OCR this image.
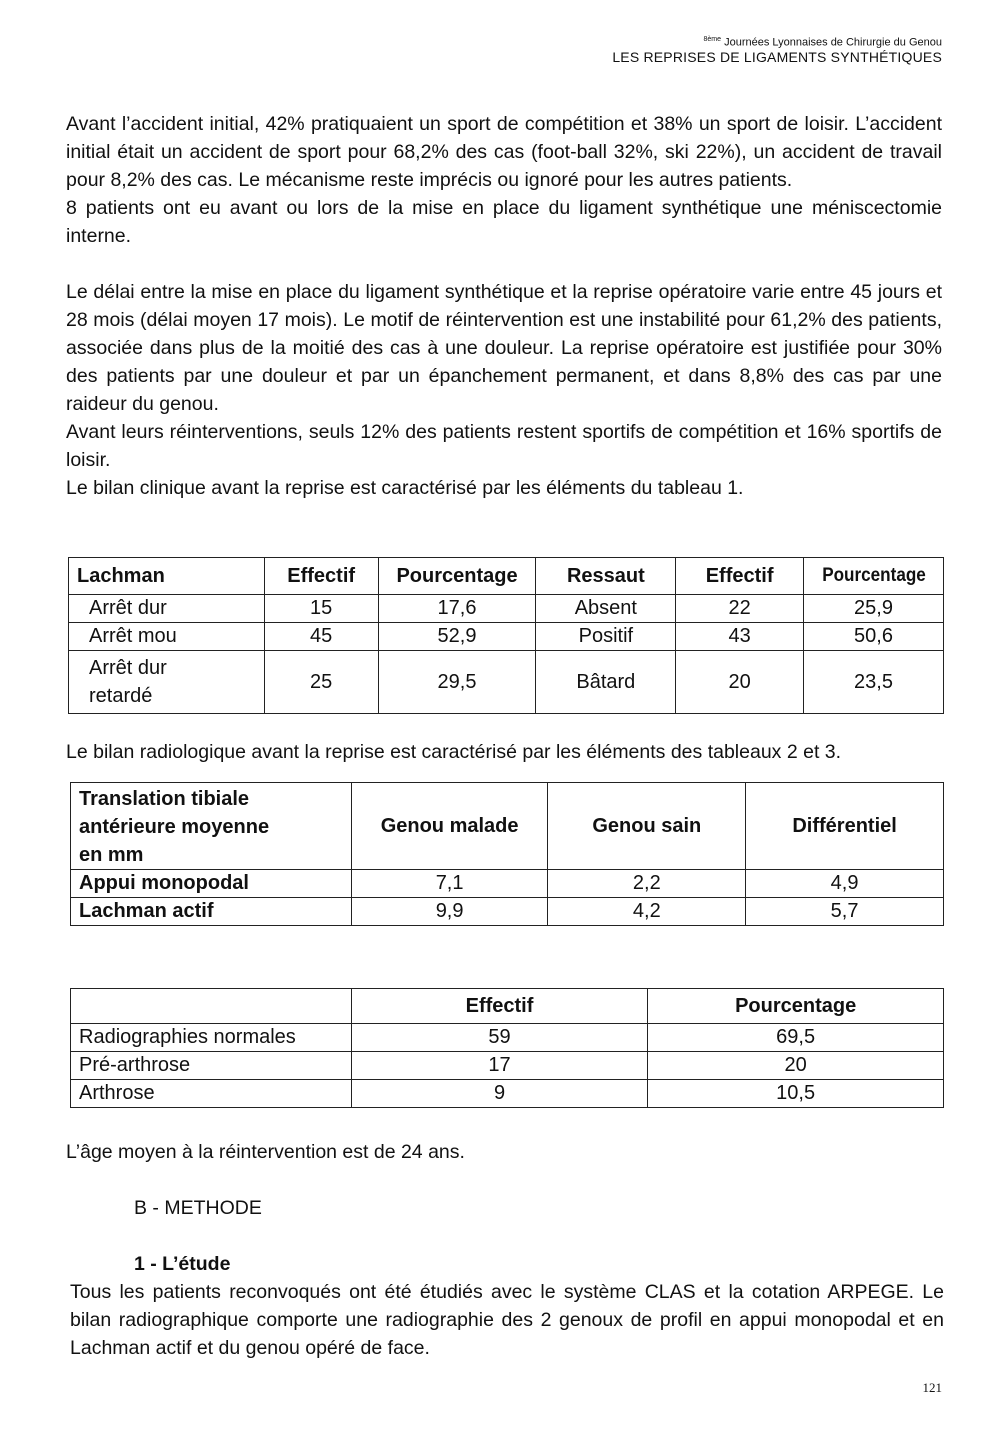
$^{8ème}$ Journées Lyonnaises de Chirurgie du Genou
LES REPRISES DE LIGAMENTS SYNTHÉTIQUES

Avant l’accident initial, 42% pratiquaient un sport de compétition et 38% un sport de loisir. L’accident initial était un accident de sport pour 68,2% des cas (foot-ball 32%, ski 22%), un accident de travail pour 8,2% des cas. Le mécanisme reste imprécis ou ignoré pour les autres patients.

8 patients ont eu avant ou lors de la mise en place du ligament synthétique une méniscectomie interne.

Le délai entre la mise en place du ligament synthétique et la reprise opératoire varie entre 45 jours et 28 mois (délai moyen 17 mois). Le motif de réintervention est une instabilité pour 61,2% des patients, associée dans plus de la moitié des cas à une douleur. La reprise opératoire est justifiée pour 30% des patients par une douleur et par un épanchement permanent, et dans 8,8% des cas par une raideur du genou.

Avant leurs réinterventions, seuls 12% des patients restent sportifs de compétition et 16% sportifs de loisir.

Le bilan clinique avant la reprise est caractérisé par les éléments du tableau 1.

Lachman	Effectif	Pourcentage	Ressaut	Effectif	Pourcentage
Arrêt dur	15	17,6	Absent	22	25,9
Arrêt mou	45	52,9	Positif	43	50,6
Arrêt dur retardé	25	29,5	Bâtard	20	23,5
Le bilan radiologique avant la reprise est caractérisé par les éléments des tableaux 2 et 3.
Translation tibiale antérieure moyenne en mm	Genou malade	Genou sain	Différentiel
Appui monopodal	7,1	2,2	4,9
Lachman actif	9,9	4,2	5,7
	Effectif	Pourcentage
Radiographies normales	59	69,5
Pré-arthrose	17	20
Arthrose	9	10,5
L’âge moyen à la réintervention est de 24 ans.
B - METHODE
1 - L’étude
Tous les patients reconvoqués ont été étudiés avec le système CLAS et la cotation ARPEGE. Le bilan radiographique comporte une radiographie des 2 genoux de profil en appui monopodal et en Lachman actif et du genou opéré de face.
121
